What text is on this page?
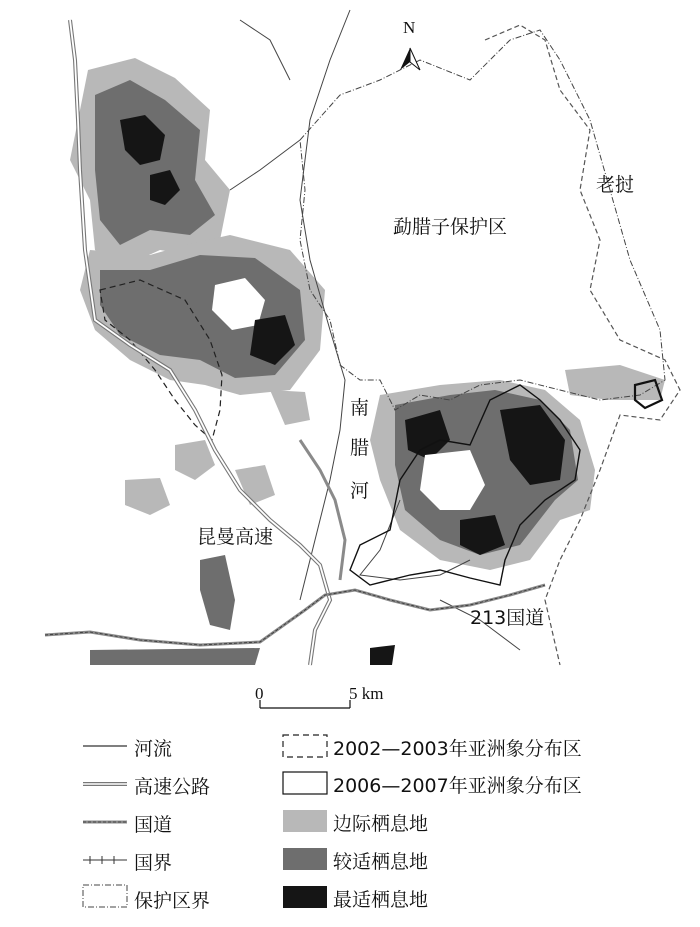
N
老挝
勐腊子保护区
南
腊
河
昆曼高速
213国道
0	5 km
河流
高速公路
国道
国界
保护区界
2002—2003年亚洲象分布区
2006—2007年亚洲象分布区
边际栖息地
较适栖息地
最适栖息地
